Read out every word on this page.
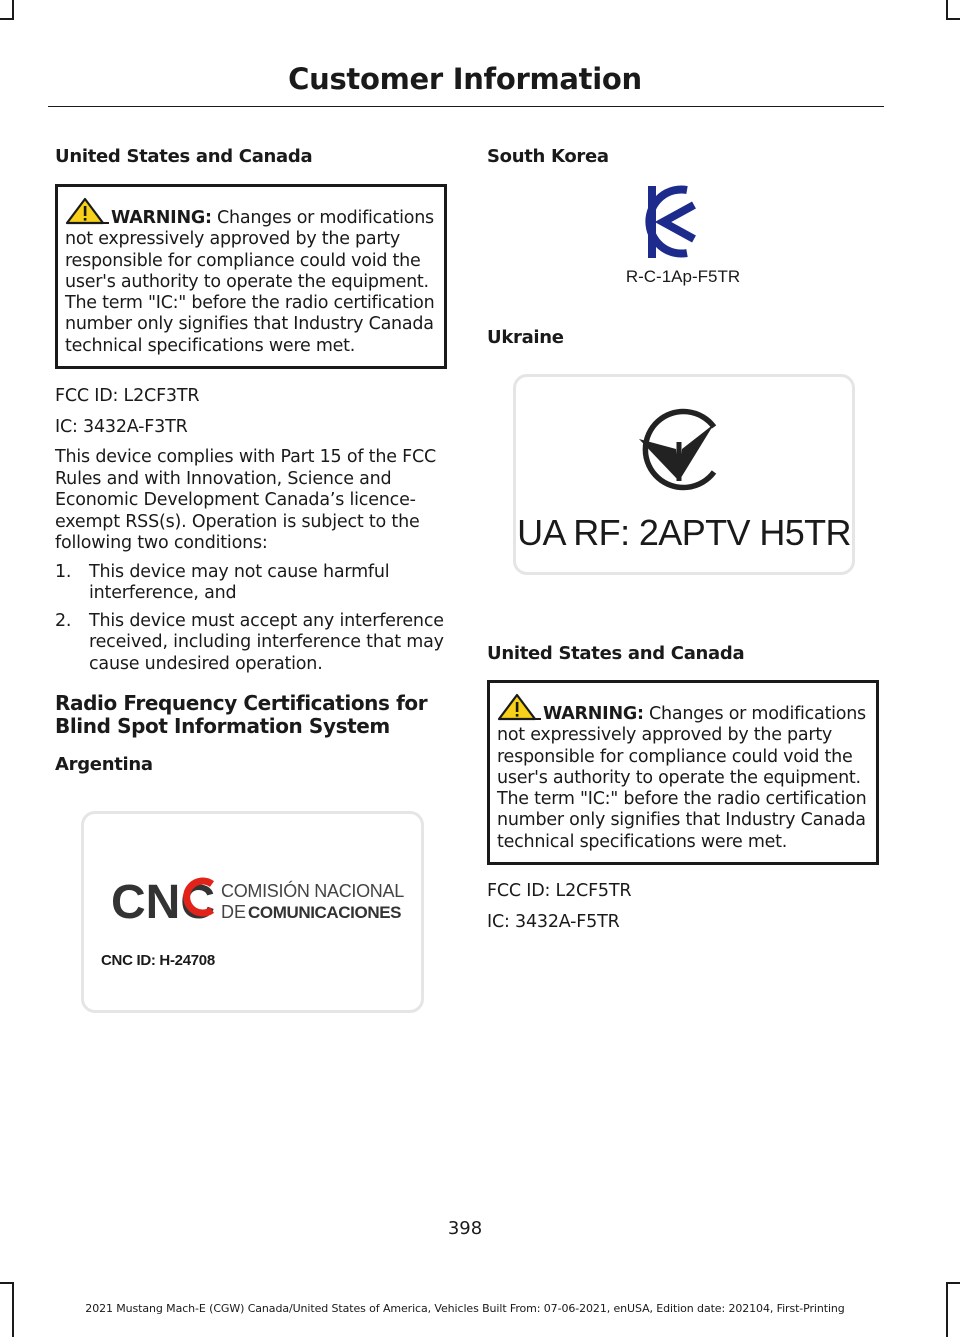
Customer Information
United States and Canada
WARNING: Changes or modifications not expressively approved by the party responsible for compliance could void the user's authority to operate the equipment. The term "IC:" before the radio certification number only signifies that Industry Canada technical specifications were met.

FCC ID: L2CF3TR

IC: 3432A-F3TR

This device complies with Part 15 of the FCC Rules and with Innovation, Science and Economic Development Canada’s licence-exempt RSS(s). Operation is subject to the following two conditions:

1. This device may not cause harmful interference, and
2. This device must accept any interference received, including interference that may cause undesired operation.
Radio Frequency Certifications for Blind Spot Information System
Argentina
CNC COMISIÓN NACIONAL
DE COMUNICACIONES
CNC ID: H-24708
South Korea
R-C-1Ap-F5TR
Ukraine
UA RF: 2APTV H5TR
United States and Canada
WARNING: Changes or modifications not expressively approved by the party responsible for compliance could void the user's authority to operate the equipment. The term "IC:" before the radio certification number only signifies that Industry Canada technical specifications were met.

FCC ID: L2CF5TR

IC: 3432A-F5TR

398
2021 Mustang Mach-E (CGW) Canada/United States of America, Vehicles Built From: 07-06-2021, enUSA, Edition date: 202104, First-Printing
